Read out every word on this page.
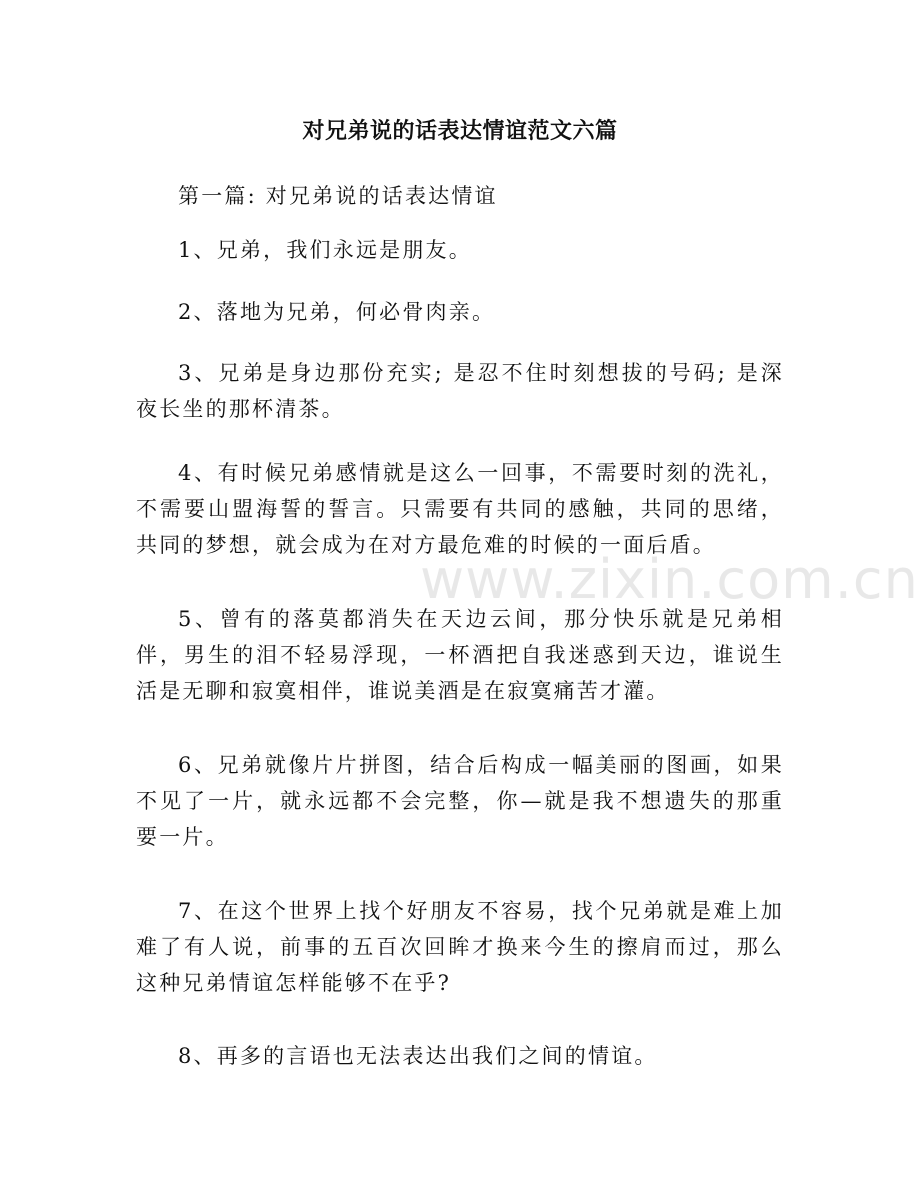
对兄弟说的话表达情谊范文六篇

第一篇: 对兄弟说的话表达情谊

1、兄弟，我们永远是朋友。

2、落地为兄弟，何必骨肉亲。

3、兄弟是身边那份充实; 是忍不住时刻想拔的号码; 是深夜长坐的那杯清茶。

4、有时候兄弟感情就是这么一回事，不需要时刻的洗礼，不需要山盟海誓的誓言。只需要有共同的感触，共同的思绪，共同的梦想，就会成为在对方最危难的时候的一面后盾。

5、曾有的落莫都消失在天边云间，那分快乐就是兄弟相伴，男生的泪不轻易浮现，一杯酒把自我迷惑到天边，谁说生活是无聊和寂寞相伴，谁说美酒是在寂寞痛苦才灌。

6、兄弟就像片片拼图，结合后构成一幅美丽的图画，如果不见了一片，就永远都不会完整，你—就是我不想遗失的那重要一片。

7、在这个世界上找个好朋友不容易，找个兄弟就是难上加难了有人说，前事的五百次回眸才换来今生的擦肩而过，那么这种兄弟情谊怎样能够不在乎?

8、再多的言语也无法表达出我们之间的情谊。

www.zixin.com.cn
